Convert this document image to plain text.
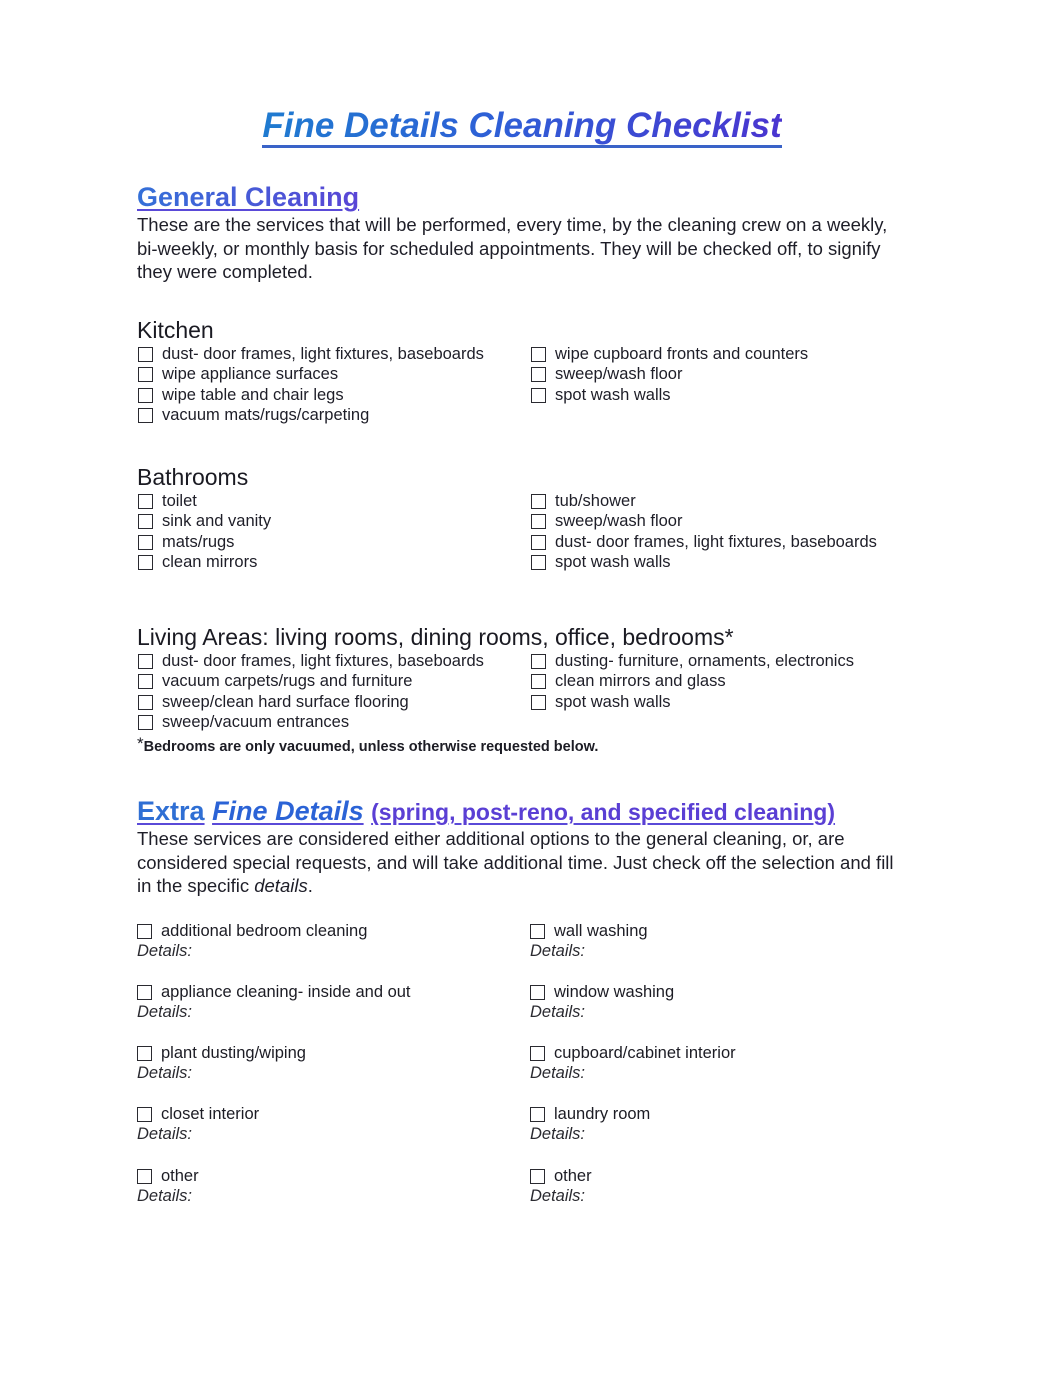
Fine Details Cleaning Checklist
General Cleaning

These are the services that will be performed, every time, by the cleaning crew on a weekly, bi-weekly, or monthly basis for scheduled appointments. They will be checked off, to signify they were completed.

Kitchen

dust- door frames, light fixtures, baseboards
wipe appliance surfaces
wipe table and chair legs
vacuum mats/rugs/carpeting
wipe cupboard fronts and counters
sweep/wash floor
spot wash walls

Bathrooms

toilet
sink and vanity
mats/rugs
clean mirrors
tub/shower
sweep/wash floor
dust- door frames, light fixtures, baseboards
spot wash walls

Living Areas: living rooms, dining rooms, office, bedrooms*

dust- door frames, light fixtures, baseboards
vacuum carpets/rugs and furniture
sweep/clean hard surface flooring
sweep/vacuum entrances
dusting- furniture, ornaments, electronics
clean mirrors and glass
spot wash walls

*Bedrooms are only vacuumed, unless otherwise requested below.

Extra Fine Details (spring, post-reno, and specified cleaning)

These services are considered either additional options to the general cleaning, or, are considered special requests, and will take additional time. Just check off the selection and fill in the specific details.

additional bedroom cleaning

Details:

appliance cleaning- inside and out

Details:

plant dusting/wiping

Details:

closet interior

Details:

other

Details:

wall washing

Details:

window washing

Details:

cupboard/cabinet interior

Details:

laundry room

Details:

other

Details:
